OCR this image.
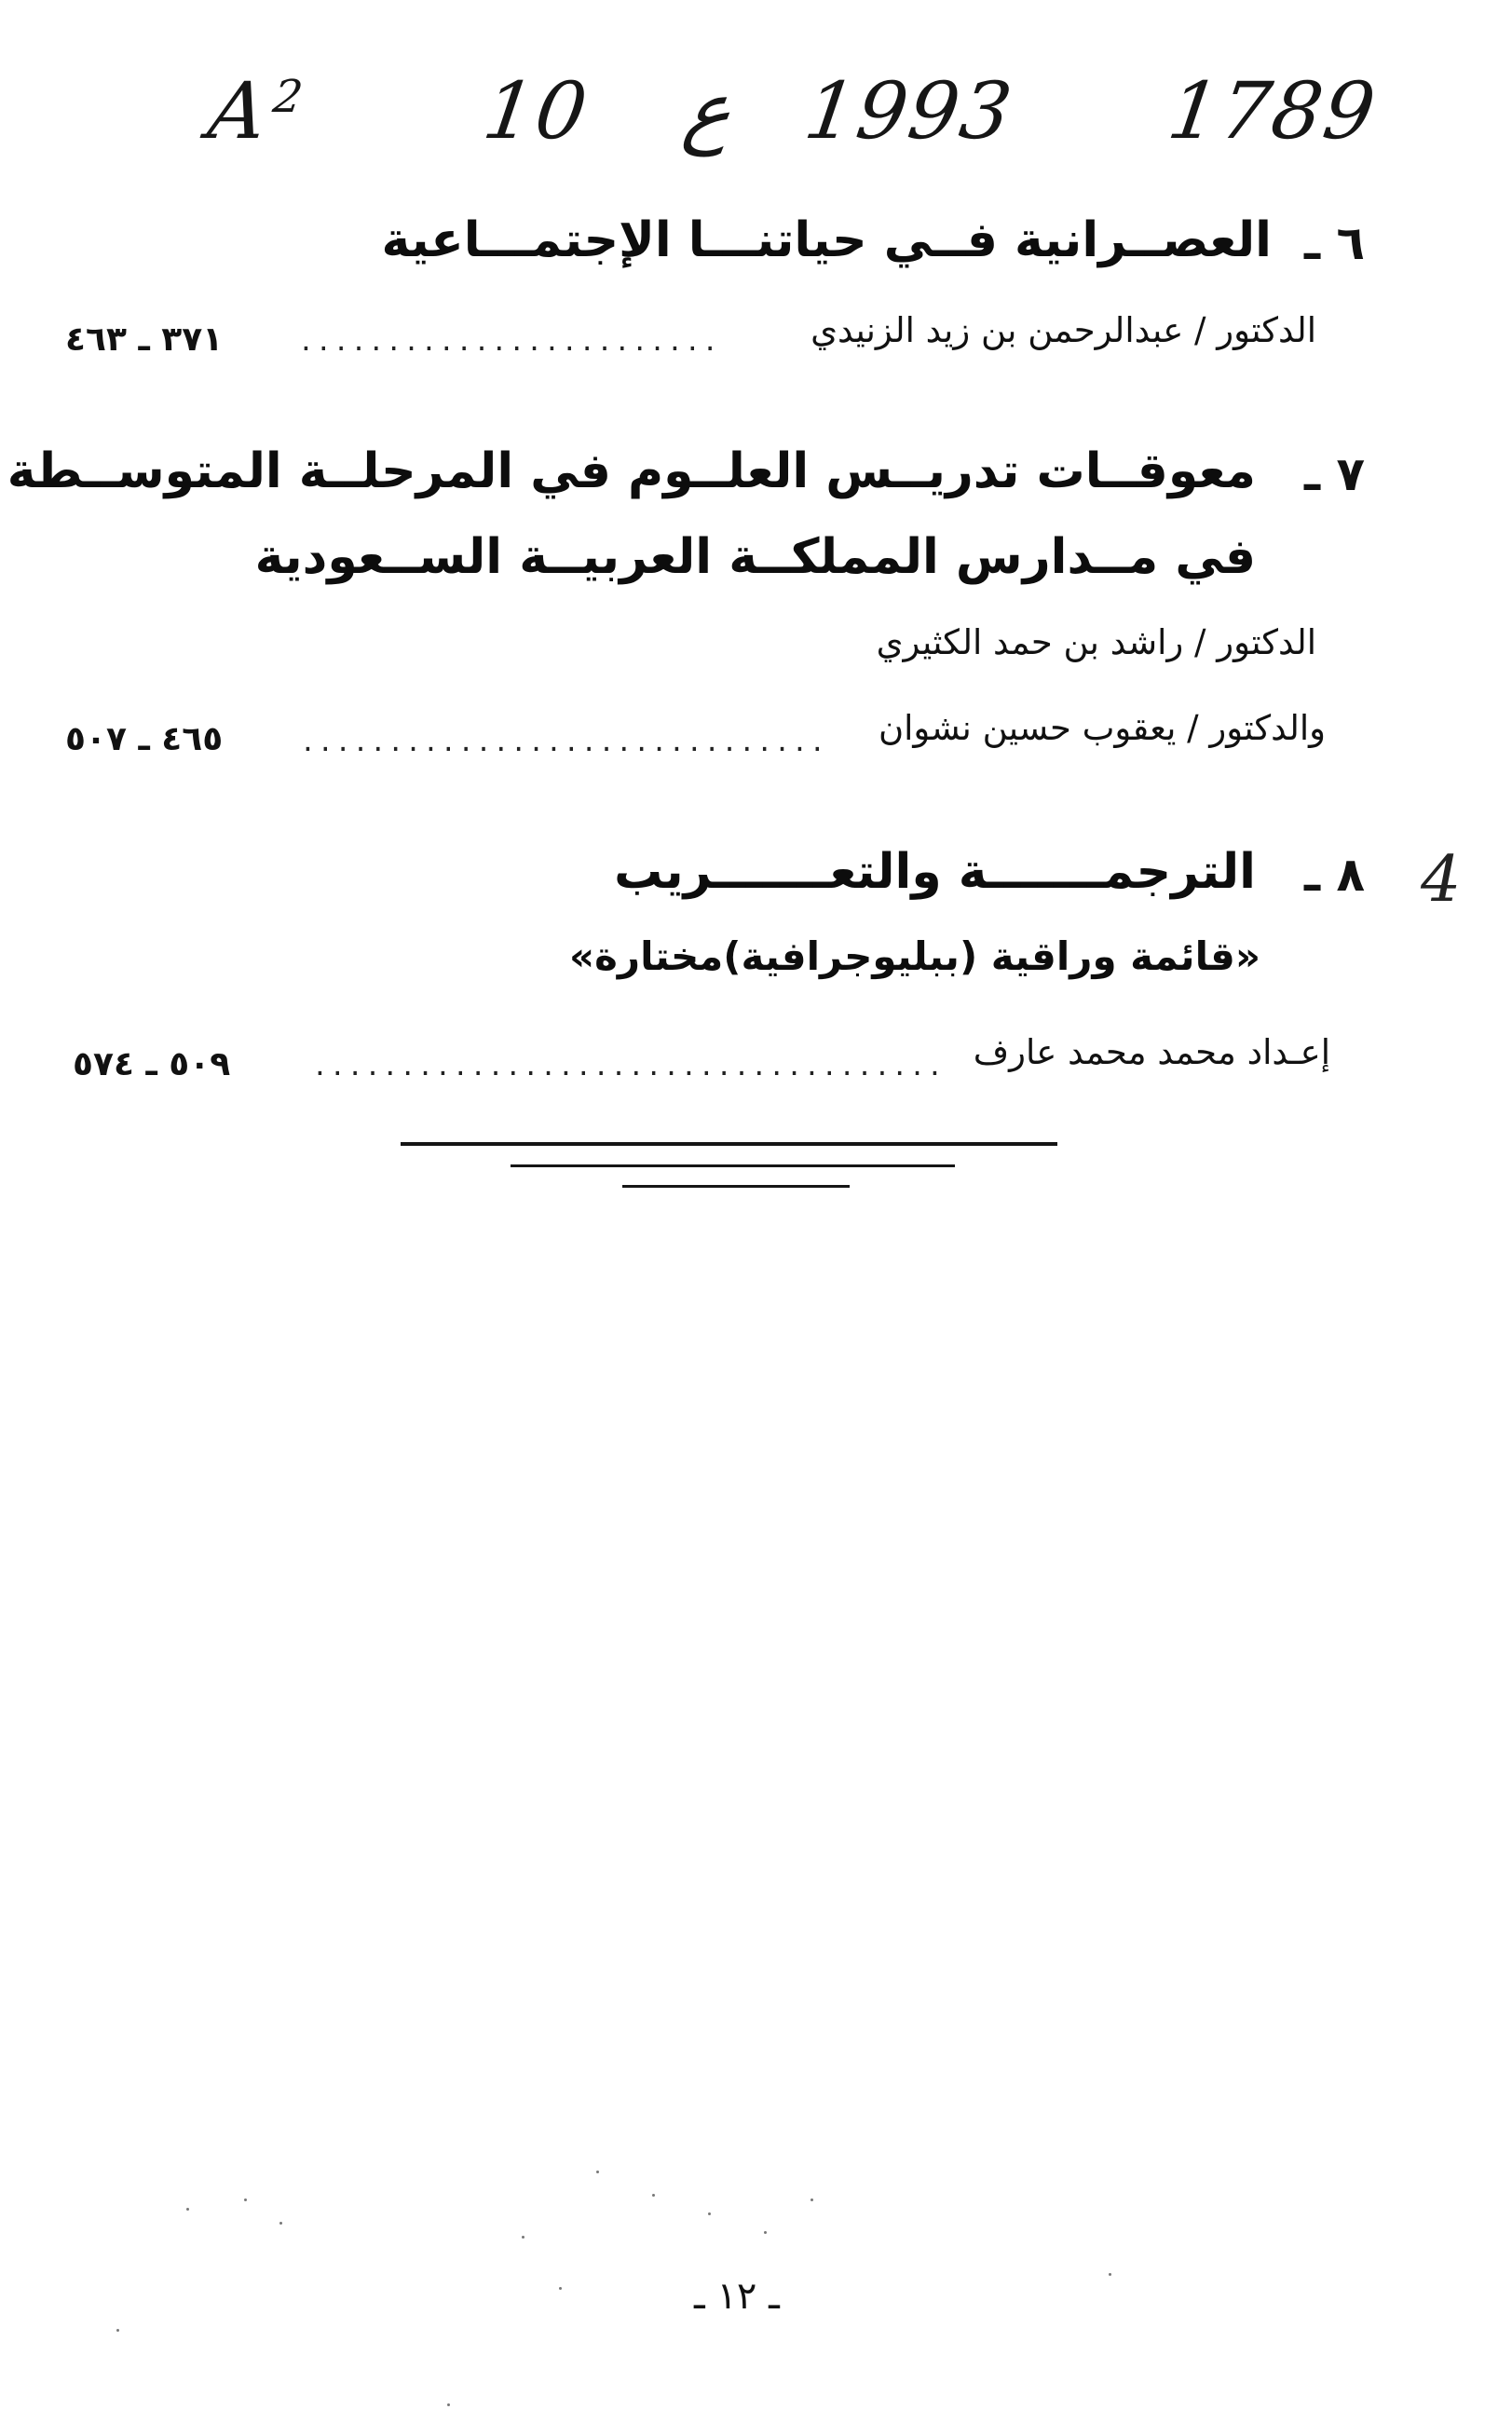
$A^2$ 10 ع 1993 1789
٦ ـ
العصــرانية فــي حياتنـــا الإجتمـــاعية
الدكتور / عبدالرحمن بن زيد الزنيدي
........................
٣٧١ ـ ٤٦٣
٧ ـ
معوقــات تدريــس العلــوم في المرحلــة المتوســطة
في مــدارس المملكــة العربيــة الســعودية
الدكتور / راشد بن حمد الكثيري
والدكتور / يعقوب حسين نشوان
..............................
٤٦٥ ـ ٥٠٧
4
٨ ـ
الترجمـــــــة والتعـــــــريب
«قائمة وراقية (ببليوجرافية)مختارة»
إعـداد محمد محمد عارف
....................................
٥٠٩ ـ ٥٧٤
ـ ١٢ ـ
